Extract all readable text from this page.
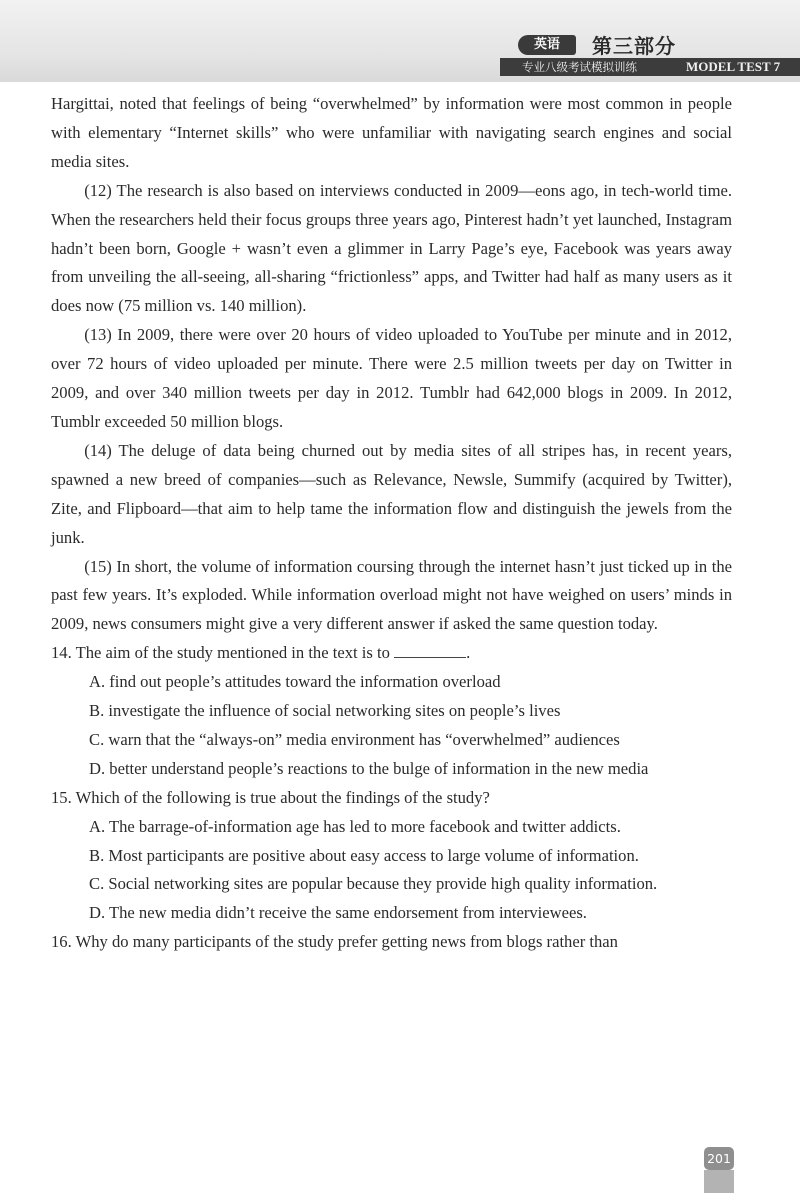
英语	第三部分
专业八级考试模拟训练	MODEL TEST 7

Hargittai, noted that feelings of being “overwhelmed” by information were most common in people with elementary “Internet skills” who were unfamiliar with navigating search engines and social media sites.

(12) The research is also based on interviews conducted in 2009—eons ago, in tech-world time. When the researchers held their focus groups three years ago, Pinterest hadn’t yet launched, Instagram hadn’t been born, Google + wasn’t even a glimmer in Larry Page’s eye, Facebook was years away from unveiling the all-seeing, all-sharing “frictionless” apps, and Twitter had half as many users as it does now (75 million vs. 140 million).

(13) In 2009, there were over 20 hours of video uploaded to YouTube per minute and in 2012, over 72 hours of video uploaded per minute. There were 2.5 million tweets per day on Twitter in 2009, and over 340 million tweets per day in 2012. Tumblr had 642,000 blogs in 2009. In 2012, Tumblr exceeded 50 million blogs.

(14) The deluge of data being churned out by media sites of all stripes has, in recent years, spawned a new breed of companies—such as Relevance, Newsle, Summify (acquired by Twitter), Zite, and Flipboard—that aim to help tame the information flow and distinguish the jewels from the junk.

(15) In short, the volume of information coursing through the internet hasn’t just ticked up in the past few years. It’s exploded. While information overload might not have weighed on users’ minds in 2009, news consumers might give a very different answer if asked the same question today.

14. The aim of the study mentioned in the text is to	.
A. find out people’s attitudes toward the information overload
B. investigate the influence of social networking sites on people’s lives
C. warn that the “always-on” media environment has “overwhelmed” audiences
D. better understand people’s reactions to the bulge of information in the new media
15. Which of the following is true about the findings of the study?
A. The barrage-of-information age has led to more facebook and twitter addicts.
B. Most participants are positive about easy access to large volume of information.
C. Social networking sites are popular because they provide high quality information.
D. The new media didn’t receive the same endorsement from interviewees.
16. Why do many participants of the study prefer getting news from blogs rather than
201
